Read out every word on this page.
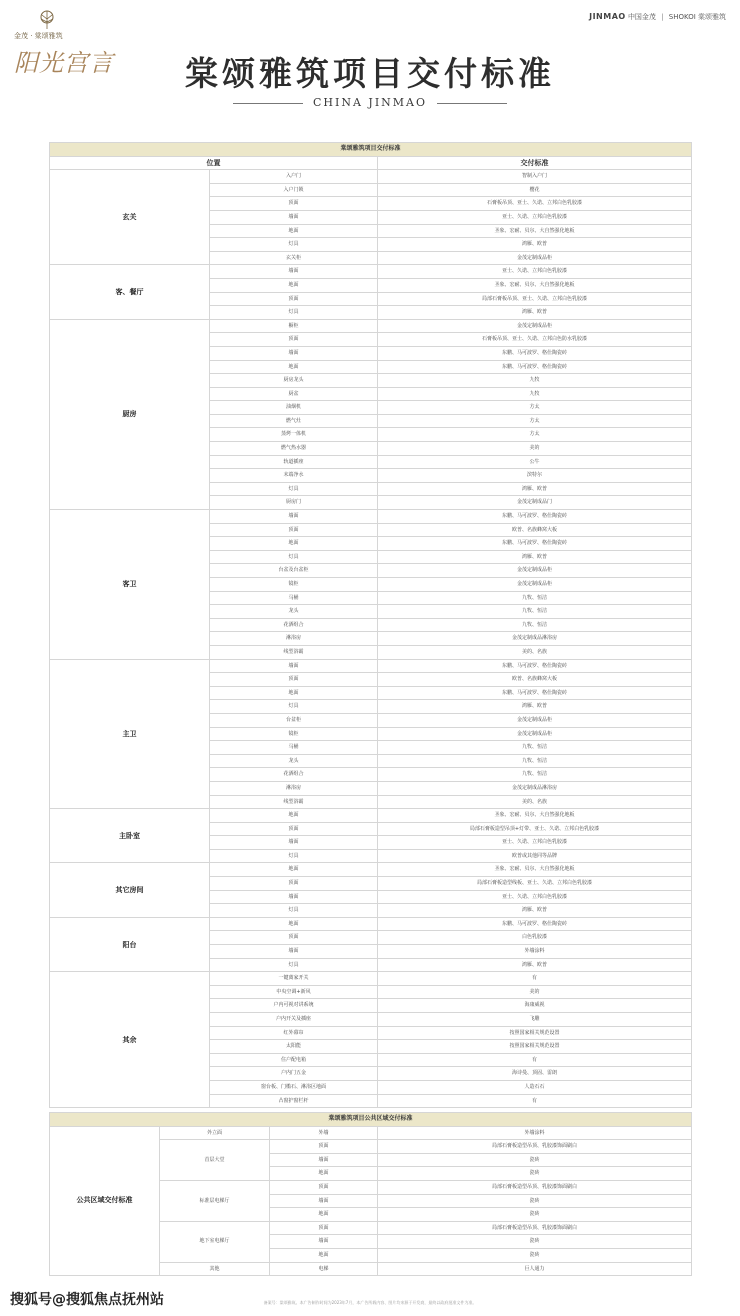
金茂 · 棠颂雅筑
阳光宫言
JINMAO 中国金茂 | SHOKOI 棠颂雅筑
棠颂雅筑项目交付标准
CHINA JINMAO
棠颂雅筑项目交付标准		
位置		交付标准
玄关	入户门	智制入户门
	入户门锁	樱花
	顶面	石膏板吊顶、亚士、久诺、立邦白色乳胶漆
	墙面	亚士、久诺、立邦白色乳胶漆
	地面	圣象、宏耐、贝尔、大自然强化地板
	灯具	鸿雁、欧普
	玄关柜	金茂定制成品柜
客、餐厅	墙面	亚士、久诺、立邦白色乳胶漆
	地面	圣象、宏耐、贝尔、大自然强化地板
	顶面	局部石膏板吊顶、亚士、久诺、立邦白色乳胶漆
	灯具	鸿雁、欧普
厨房	橱柜	金茂定制成品柜
	顶面	石膏板吊顶、亚士、久诺、立邦白色防水乳胶漆
	墙面	东鹏、马可波罗、格仕陶瓷砖
	地面	东鹏、马可波罗、格仕陶瓷砖
	厨房龙头	九牧
	厨盆	九牧
	油烟机	方太
	燃气灶	方太
	蒸烤一体机	方太
	燃气热水器	美的
	轨道插座	公牛
	末端净水	滨特尔
	灯具	鸿雁、欧普
	厨房门	金茂定制成品门
客卫	墙面	东鹏、马可波罗、格仕陶瓷砖
	顶面	欧普、名族蜂窝大板
	地面	东鹏、马可波罗、格仕陶瓷砖
	灯具	鸿雁、欧普
	台盆及台盆柜	金茂定制成品柜
	镜柜	金茂定制成品柜
	马桶	九牧、恒洁
	龙头	九牧、恒洁
	花洒组合	九牧、恒洁
	淋浴房	金茂定制成品淋浴房
	线型浴霸	美的、名族
主卫	墙面	东鹏、马可波罗、格仕陶瓷砖
	顶面	欧普、名族蜂窝大板
	地面	东鹏、马可波罗、格仕陶瓷砖
	灯具	鸿雁、欧普
	台盆柜	金茂定制成品柜
	镜柜	金茂定制成品柜
	马桶	九牧、恒洁
	龙头	九牧、恒洁
	花洒组合	九牧、恒洁
	淋浴房	金茂定制成品淋浴房
	线型浴霸	美的、名族
主卧室	地面	圣象、宏耐、贝尔、大自然强化地板
	顶面	局部石膏板造型吊顶+灯带、亚士、久诺、立邦白色乳胶漆
	墙面	亚士、久诺、立邦白色乳胶漆
	灯具	欧普或其他同等品牌
其它房间	地面	圣象、宏耐、贝尔、大自然强化地板
	顶面	局部石膏板造型线板、亚士、久诺、立邦白色乳胶漆
	墙面	亚士、久诺、立邦白色乳胶漆
	灯具	鸿雁、欧普
阳台	地面	东鹏、马可波罗、格仕陶瓷砖
	顶面	白色乳胶漆
	墙面	外墙涂料
	灯具	鸿雁、欧普
其余	一键离家开关	有
	中央空调+新风	美的
	户内可视对讲系统	海康威视
	户内开关及插座	飞雕
	红外幕帘	按照国家相关规范设置
	太阳能	按照国家相关规范设置
	住户配电箱	有
	户内门五金	海诗曼、顶固、雷朗
	窗台板、门槛石、淋浴区地面	人造石石
	凸窗护窗栏杆	有
棠颂雅筑项目公共区域交付标准			
公共区域交付标准	外立面	外墙	外墙涂料
	首层大堂	顶面	局部石膏板造型吊顶、乳胶漆饰面刷白
		墙面	瓷砖
		地面	瓷砖
	标准层电梯厅	顶面	局部石膏板造型吊顶、乳胶漆饰面刷白
		墙面	瓷砖
		地面	瓷砖
	地下室电梯厅	顶面	局部石膏板造型吊顶、乳胶漆饰面刷白
		墙面	瓷砖
		地面	瓷砖
	其他	电梯	巨人通力
备案号：棠颂雅筑。本广告制作时间为2023年7月，本广告所载内容、图片均来源于开发商，最终以政府批准文件为准。
搜狐号@搜狐焦点抚州站
